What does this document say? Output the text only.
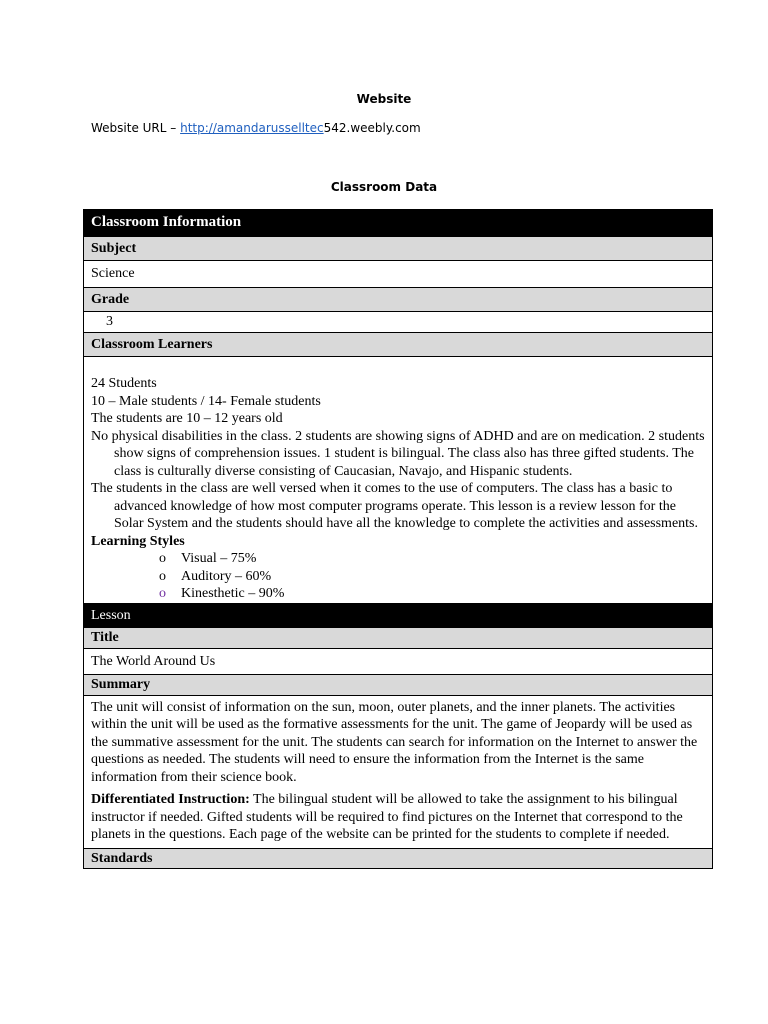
Website
Website URL – http://amandarusselltec542.weebly.com
Classroom Data
Classroom Information
Subject
Science
Grade
3
Classroom Learners

24 Students

10 – Male students / 14- Female students

The students are 10 – 12 years old

No physical disabilities in the class. 2 students are showing signs of ADHD and are on medication. 2 students show signs of comprehension issues. 1 student is bilingual. The class also has three gifted students. The class is culturally diverse consisting of Caucasian, Navajo, and Hispanic students.

The students in the class are well versed when it comes to the use of computers. The class has a basic to advanced knowledge of how most computer programs operate. This lesson is a review lesson for the Solar System and the students should have all the knowledge to complete the activities and assessments.

Learning Styles

o Visual – 75%
o Auditory – 60%
o Kinesthetic – 90%

Lesson
Title
The World Around Us
Summary

The unit will consist of information on the sun, moon, outer planets, and the inner planets. The activities within the unit will be used as the formative assessments for the unit. The game of Jeopardy will be used as the summative assessment for the unit. The students can search for information on the Internet to answer the questions as needed. The students will need to ensure the information from the Internet is the same information from their science book.

Differentiated Instruction: The bilingual student will be allowed to take the assignment to his bilingual instructor if needed. Gifted students will be required to find pictures on the Internet that correspond to the planets in the questions. Each page of the website can be printed for the students to complete if needed.

Standards
